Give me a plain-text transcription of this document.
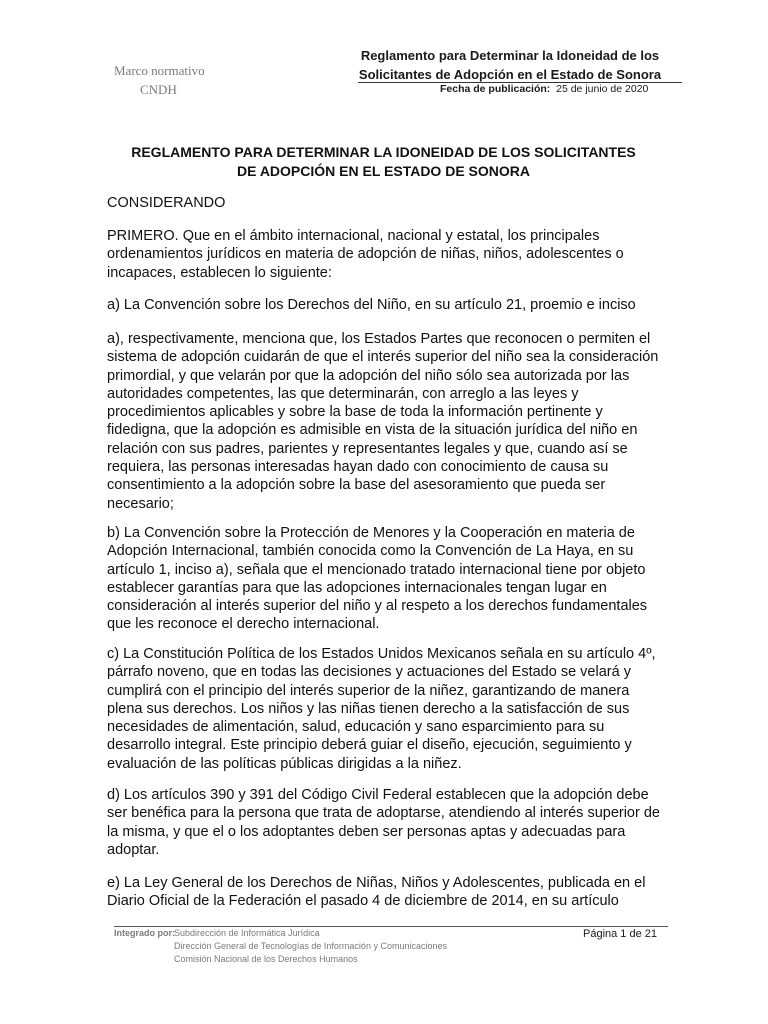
Marco normativo
CNDH
Reglamento para Determinar la Idoneidad de los
Solicitantes de Adopción en el Estado de Sonora
Fecha de publicación: 25 de junio de 2020
REGLAMENTO PARA DETERMINAR LA IDONEIDAD DE LOS SOLICITANTES
DE ADOPCIÓN EN EL ESTADO DE SONORA

CONSIDERANDO

PRIMERO. Que en el ámbito internacional, nacional y estatal, los principales ordenamientos jurídicos en materia de adopción de niñas, niños, adolescentes o incapaces, establecen lo siguiente:

a) La Convención sobre los Derechos del Niño, en su artículo 21, proemio e inciso

a), respectivamente, menciona que, los Estados Partes que reconocen o permiten el sistema de adopción cuidarán de que el interés superior del niño sea la consideración primordial, y que velarán por que la adopción del niño sólo sea autorizada por las autoridades competentes, las que determinarán, con arreglo a las leyes y procedimientos aplicables y sobre la base de toda la información pertinente y fidedigna, que la adopción es admisible en vista de la situación jurídica del niño en relación con sus padres, parientes y representantes legales y que, cuando así se requiera, las personas interesadas hayan dado con conocimiento de causa su consentimiento a la adopción sobre la base del asesoramiento que pueda ser necesario;

b) La Convención sobre la Protección de Menores y la Cooperación en materia de Adopción Internacional, también conocida como la Convención de La Haya, en su artículo 1, inciso a), señala que el mencionado tratado internacional tiene por objeto establecer garantías para que las adopciones internacionales tengan lugar en consideración al interés superior del niño y al respeto a los derechos fundamentales que les reconoce el derecho internacional.

c) La Constitución Política de los Estados Unidos Mexicanos señala en su artículo 4º, párrafo noveno, que en todas las decisiones y actuaciones del Estado se velará y cumplirá con el principio del interés superior de la niñez, garantizando de manera plena sus derechos. Los niños y las niñas tienen derecho a la satisfacción de sus necesidades de alimentación, salud, educación y sano esparcimiento para su desarrollo integral. Este principio deberá guiar el diseño, ejecución, seguimiento y evaluación de las políticas públicas dirigidas a la niñez.

d) Los artículos 390 y 391 del Código Civil Federal establecen que la adopción debe ser benéfica para la persona que trata de adoptarse, atendiendo al interés superior de la misma, y que el o los adoptantes deben ser personas aptas y adecuadas para adoptar.

e) La Ley General de los Derechos de Niñas, Niños y Adolescentes, publicada en el Diario Oficial de la Federación el pasado 4 de diciembre de 2014, en su artículo

Integrado por: Subdirección de Informática Jurídica
Dirección General de Tecnologías de Información y Comunicaciones
Comisión Nacional de los Derechos Humanos
Página 1 de 21
